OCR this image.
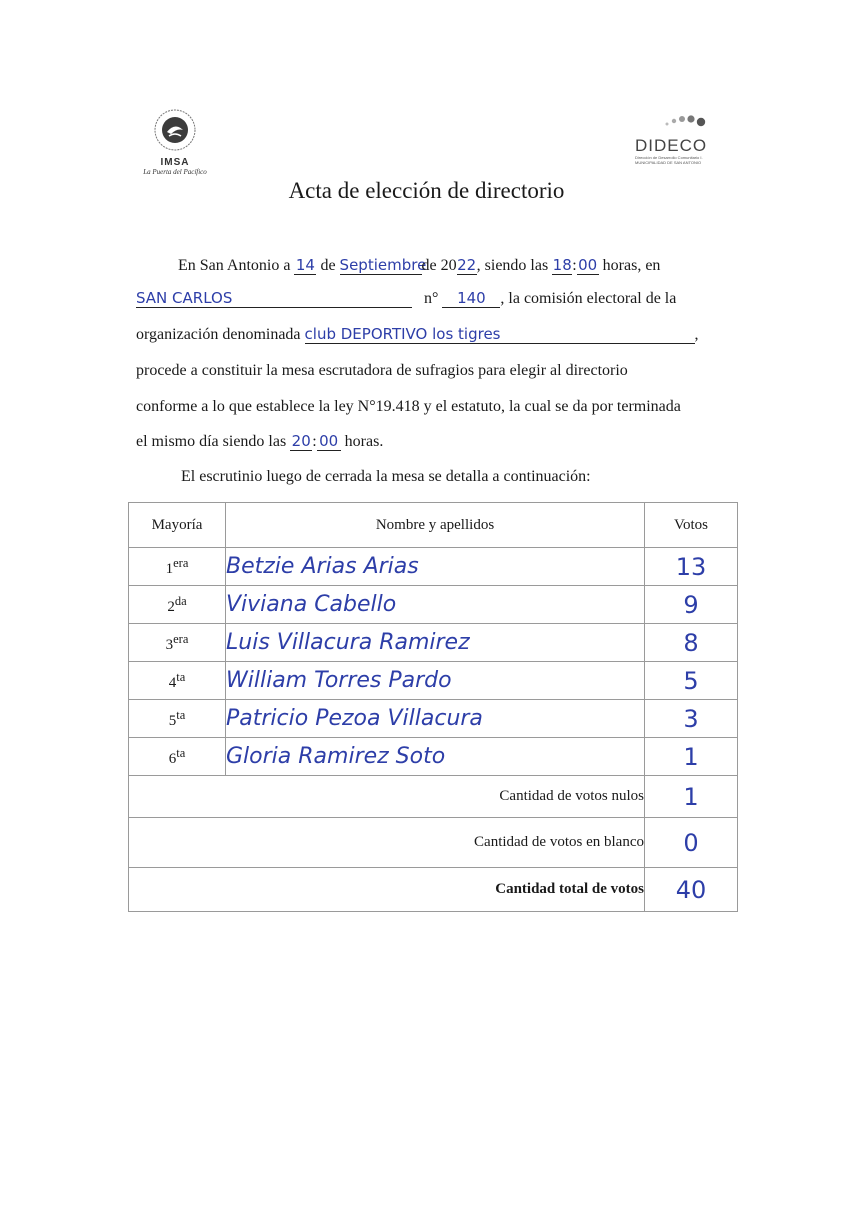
IMSA
La Puerta del Pacífico
DIDECO
Dirección de Desarrollo Comunitario I. MUNICIPALIDAD DE SAN ANTONIO
Acta de elección de directorio
En San Antonio a 14 de Septiembrede 2022, siendo las 18:00 horas, en
SAN CARLOS	n° 140 , la comisión electoral de la
organización denominada club DEPORTIVO los tigres	,
procede a constituir la mesa escrutadora de sufragios para elegir al directorio
conforme a lo que establece la ley N°19.418 y el estatuto, la cual se da por terminada
el mismo día siendo las 20: 00 horas.
El escrutinio luego de cerrada la mesa se detalla a continuación:
Mayoría	Nombre y apellidos	Votos
$1^{era}$	Betzie Arias Arias	13
$2^{da}$	Viviana Cabello	9
$3^{era}$	Luis Villacura Ramirez	8
$4^{ta}$	William Torres Pardo	5
$5^{ta}$	Patricio Pezoa Villacura	3
$6^{ta}$	Gloria Ramirez Soto	1
Cantidad de votos nulos		1
Cantidad de votos en blanco		0
Cantidad total de votos		40
